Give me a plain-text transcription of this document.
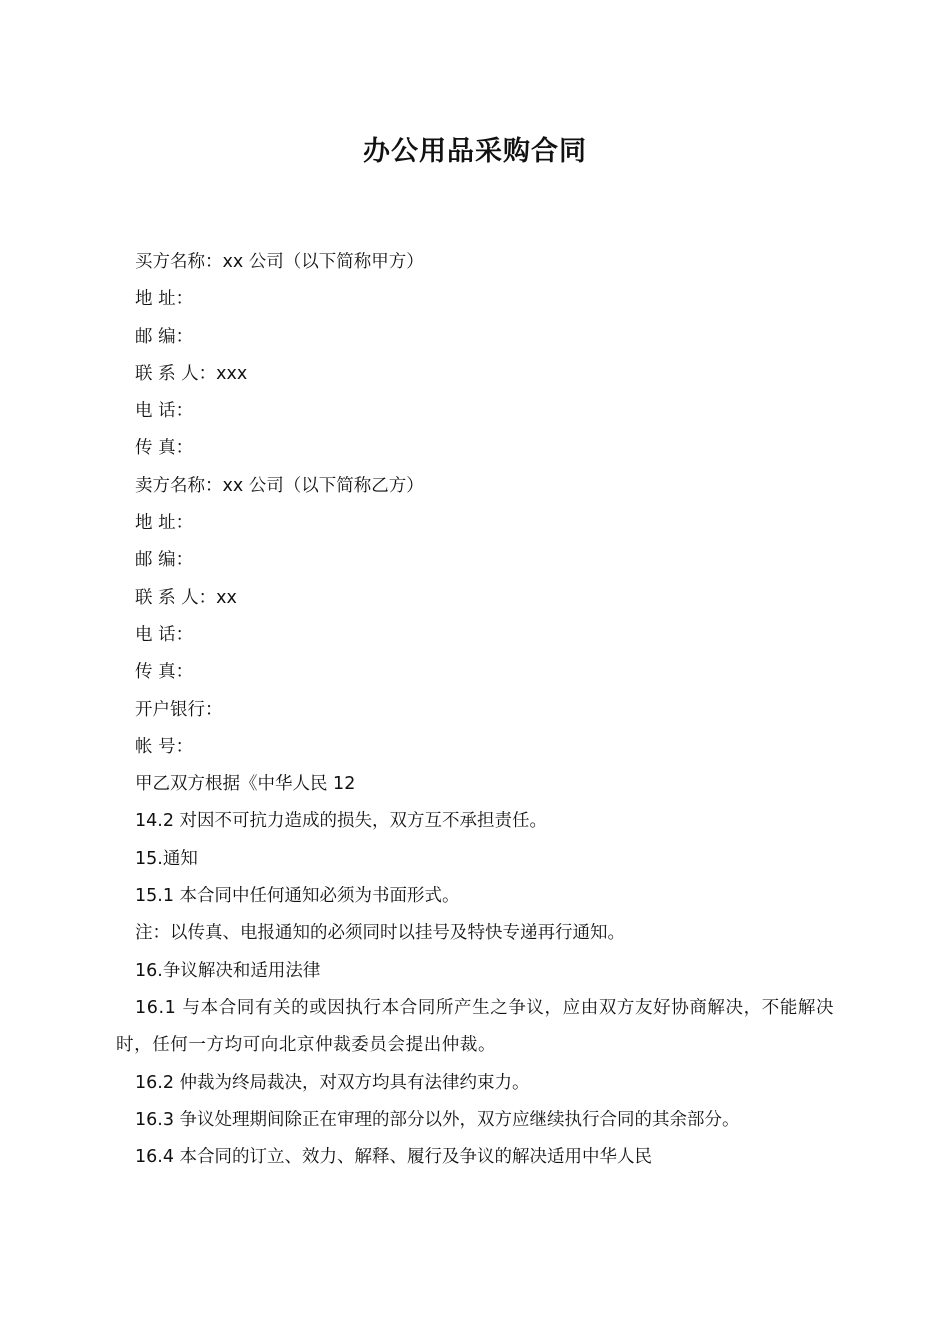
办公用品采购合同
买方名称：xx 公司（以下简称甲方）
地 址：
邮 编：
联 系 人：xxx
电 话：
传 真：
卖方名称：xx 公司（以下简称乙方）
地 址：
邮 编：
联 系 人：xx
电 话：
传 真：
开户银行：
帐 号：
甲乙双方根据《中华人民 12
14.2 对因不可抗力造成的损失，双方互不承担责任。
15.通知
15.1 本合同中任何通知必须为书面形式。
注：以传真、电报通知的必须同时以挂号及特快专递再行通知。
16.争议解决和适用法律
16.1 与本合同有关的或因执行本合同所产生之争议，应由双方友好协商解决，不能解决时，任何一方均可向北京仲裁委员会提出仲裁。
16.2 仲裁为终局裁决，对双方均具有法律约束力。
16.3 争议处理期间除正在审理的部分以外，双方应继续执行合同的其余部分。
16.4 本合同的订立、效力、解释、履行及争议的解决适用中华人民
